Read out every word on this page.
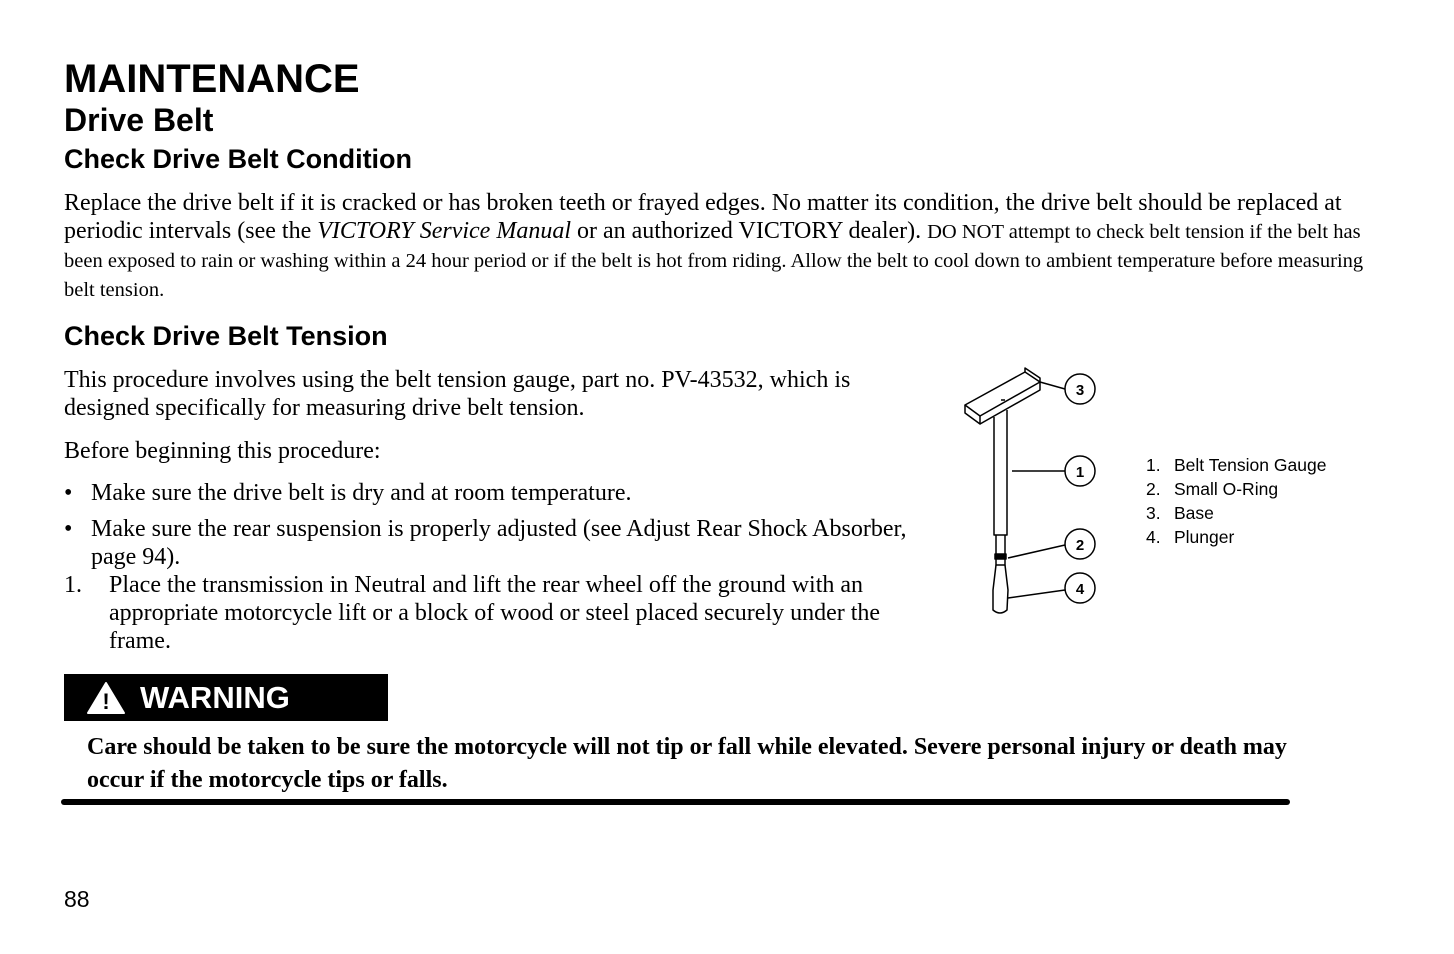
MAINTENANCE
Drive Belt
Check Drive Belt Condition
Replace the drive belt if it is cracked or has broken teeth or frayed edges. No matter its condition, the drive belt should be replaced at periodic intervals (see the VICTORY Service Manual or an authorized VICTORY dealer). DO NOT attempt to check belt tension if the belt has been exposed to rain or washing within a 24 hour period or if the belt is hot from riding. Allow the belt to cool down to ambient temperature before measuring belt tension.
Check Drive Belt Tension
This procedure involves using the belt tension gauge, part no. PV-43532, which is designed specifically for measuring drive belt tension.
Before beginning this procedure:
• Make sure the drive belt is dry and at room temperature.
• Make sure the rear suspension is properly adjusted (see Adjust Rear Shock Absorber, page 94).
1.	Place the transmission in Neutral and lift the rear wheel off the ground with an appropriate motorcycle lift or a block of wood or steel placed securely under the frame.
! WARNING
Care should be taken to be sure the motorcycle will not tip or fall while elevated. Severe personal injury or death may occur if the motorcycle tips or falls.
3
1
2
4
1. Belt Tension Gauge
2. Small O-Ring
3. Base
4. Plunger
88
